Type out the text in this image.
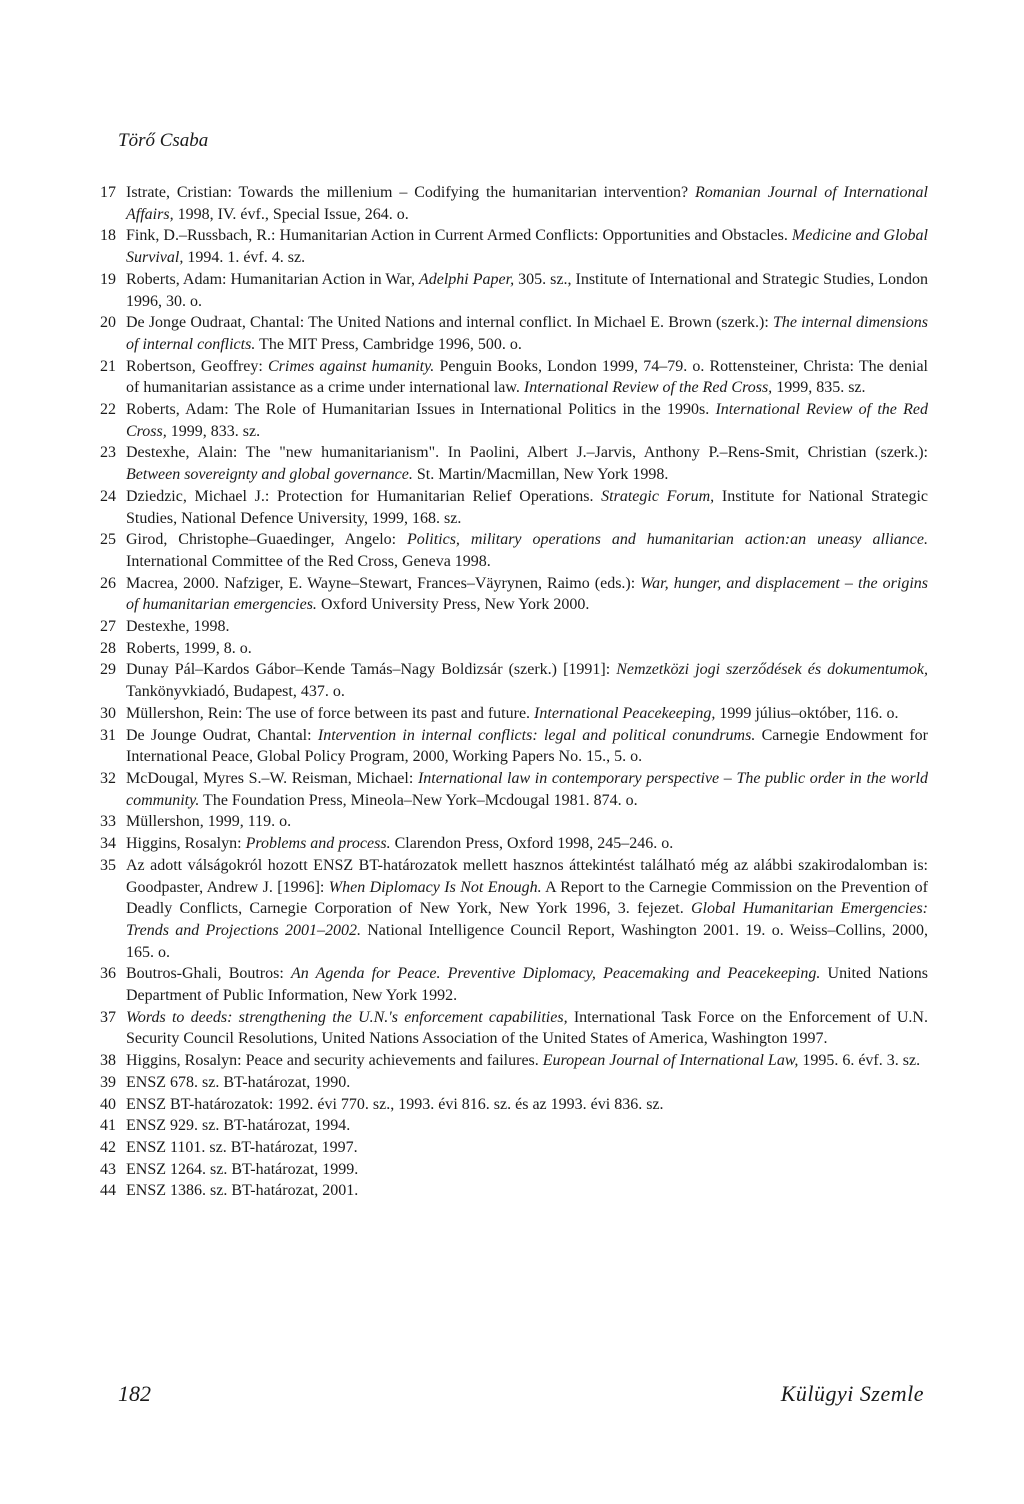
Törő Csaba
17 Istrate, Cristian: Towards the millenium – Codifying the humanitarian intervention? Romanian Journal of International Affairs, 1998, IV. évf., Special Issue, 264. o.
18 Fink, D.–Russbach, R.: Humanitarian Action in Current Armed Conflicts: Opportunities and Obstacles. Medicine and Global Survival, 1994. 1. évf. 4. sz.
19 Roberts, Adam: Humanitarian Action in War, Adelphi Paper, 305. sz., Institute of International and Strategic Studies, London 1996, 30. o.
20 De Jonge Oudraat, Chantal: The United Nations and internal conflict. In Michael E. Brown (szerk.): The internal dimensions of internal conflicts. The MIT Press, Cambridge 1996, 500. o.
21 Robertson, Geoffrey: Crimes against humanity. Penguin Books, London 1999, 74–79. o. Rottensteiner, Christa: The denial of humanitarian assistance as a crime under international law. International Review of the Red Cross, 1999, 835. sz.
22 Roberts, Adam: The Role of Humanitarian Issues in International Politics in the 1990s. International Review of the Red Cross, 1999, 833. sz.
23 Destexhe, Alain: The "new humanitarianism". In Paolini, Albert J.–Jarvis, Anthony P.–Rens-Smit, Christian (szerk.): Between sovereignty and global governance. St. Martin/Macmillan, New York 1998.
24 Dziedzic, Michael J.: Protection for Humanitarian Relief Operations. Strategic Forum, Institute for National Strategic Studies, National Defence University, 1999, 168. sz.
25 Girod, Christophe–Guaedinger, Angelo: Politics, military operations and humanitarian action:an uneasy alliance. International Committee of the Red Cross, Geneva 1998.
26 Macrea, 2000. Nafziger, E. Wayne–Stewart, Frances–Väyrynen, Raimo (eds.): War, hunger, and displacement – the origins of humanitarian emergencies. Oxford University Press, New York 2000.
27 Destexhe, 1998.
28 Roberts, 1999, 8. o.
29 Dunay Pál–Kardos Gábor–Kende Tamás–Nagy Boldizsár (szerk.) [1991]: Nemzetközi jogi szerződések és dokumentumok, Tankönyvkiadó, Budapest, 437. o.
30 Müllershon, Rein: The use of force between its past and future. International Peacekeeping, 1999 július–október, 116. o.
31 De Jounge Oudrat, Chantal: Intervention in internal conflicts: legal and political conundrums. Carnegie Endowment for International Peace, Global Policy Program, 2000, Working Papers No. 15., 5. o.
32 McDougal, Myres S.–W. Reisman, Michael: International law in contemporary perspective – The public order in the world community. The Foundation Press, Mineola–New York–Mcdougal 1981. 874. o.
33 Müllershon, 1999, 119. o.
34 Higgins, Rosalyn: Problems and process. Clarendon Press, Oxford 1998, 245–246. o.
35 Az adott válságokról hozott ENSZ BT-határozatok mellett hasznos áttekintést található még az alábbi szakirodalomban is: Goodpaster, Andrew J. [1996]: When Diplomacy Is Not Enough. A Report to the Carnegie Commission on the Prevention of Deadly Conflicts, Carnegie Corporation of New York, New York 1996, 3. fejezet. Global Humanitarian Emergencies: Trends and Projections 2001–2002. National Intelligence Council Report, Washington 2001. 19. o. Weiss–Collins, 2000, 165. o.
36 Boutros-Ghali, Boutros: An Agenda for Peace. Preventive Diplomacy, Peacemaking and Peacekeeping. United Nations Department of Public Information, New York 1992.
37 Words to deeds: strengthening the U.N.'s enforcement capabilities, International Task Force on the Enforcement of U.N. Security Council Resolutions, United Nations Association of the United States of America, Washington 1997.
38 Higgins, Rosalyn: Peace and security achievements and failures. European Journal of International Law, 1995. 6. évf. 3. sz.
39 ENSZ 678. sz. BT-határozat, 1990.
40 ENSZ BT-határozatok: 1992. évi 770. sz., 1993. évi 816. sz. és az 1993. évi 836. sz.
41 ENSZ 929. sz. BT-határozat, 1994.
42 ENSZ 1101. sz. BT-határozat, 1997.
43 ENSZ 1264. sz. BT-határozat, 1999.
44 ENSZ 1386. sz. BT-határozat, 2001.
182	Külügyi Szemle
